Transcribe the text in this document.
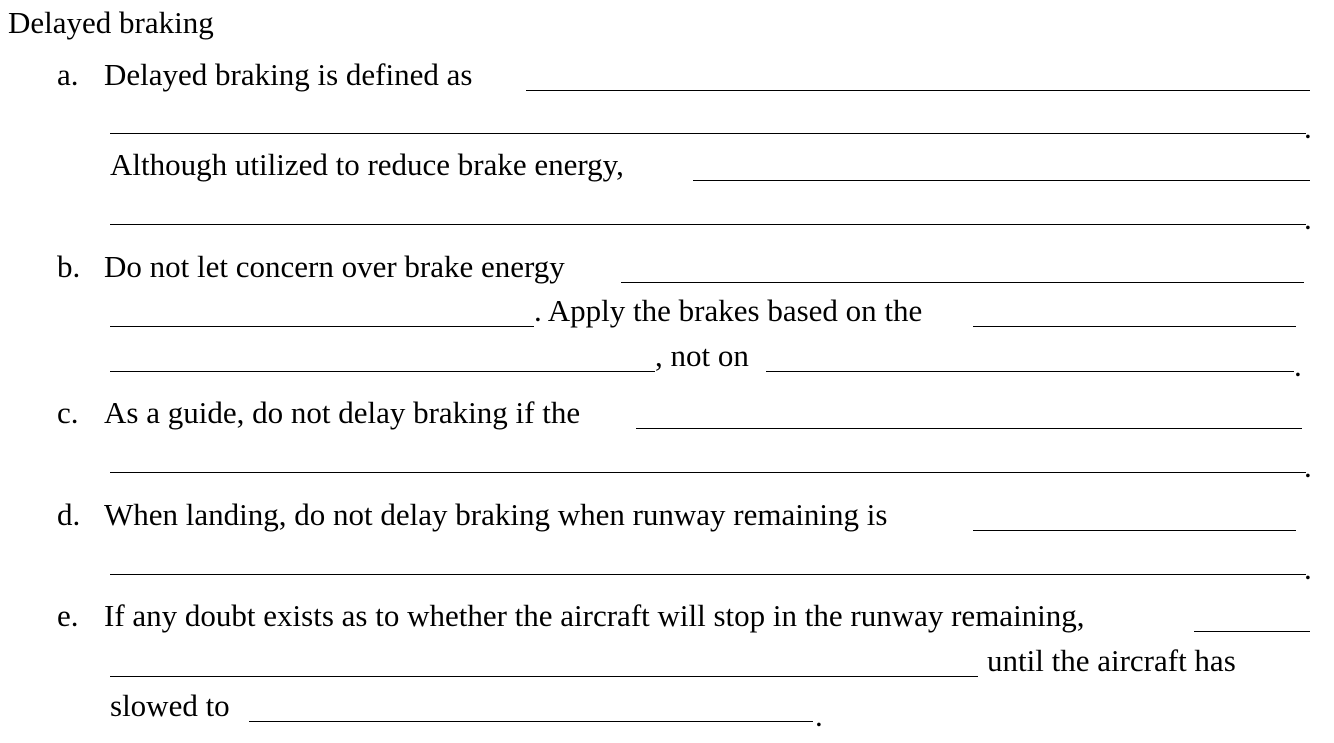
Delayed braking
a. Delayed braking is defined as
.
Although utilized to reduce brake energy,
.
b. Do not let concern over brake energy
. Apply the brakes based on the
, not on	.
c. As a guide, do not delay braking if the
.
d. When landing, do not delay braking when runway remaining is
.
e. If any doubt exists as to whether the aircraft will stop in the runway remaining,
until the aircraft has
slowed to	.
